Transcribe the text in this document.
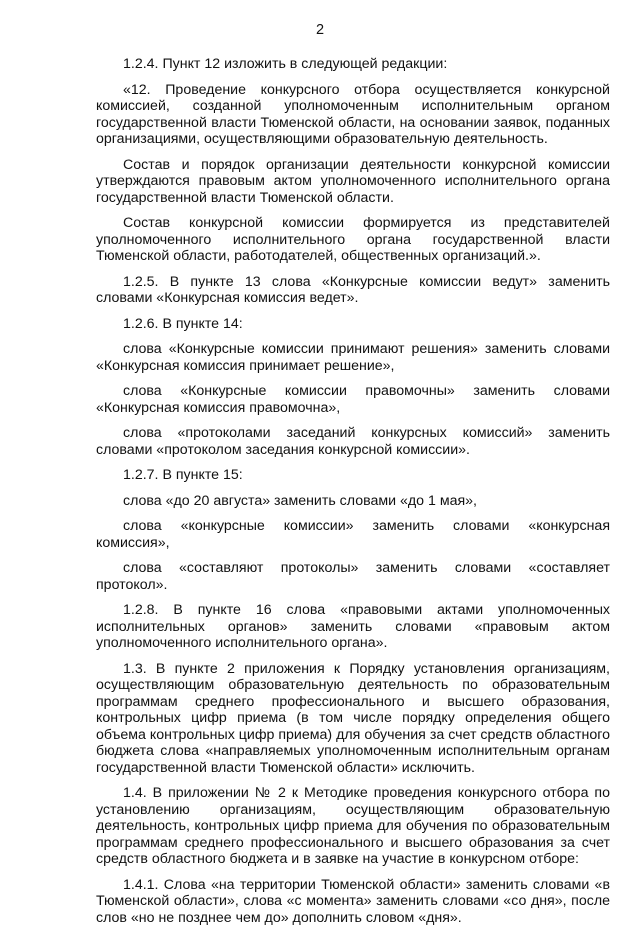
2

1.2.4. Пункт 12 изложить в следующей редакции:

«12. Проведение конкурсного отбора осуществляется конкурсной комиссией, созданной уполномоченным исполнительным органом государственной власти Тюменской области, на основании заявок, поданных организациями, осуществляющими образовательную деятельность.

Состав и порядок организации деятельности конкурсной комиссии утверждаются правовым актом уполномоченного исполнительного органа государственной власти Тюменской области.

Состав конкурсной комиссии формируется из представителей уполномоченного исполнительного органа государственной власти Тюменской области, работодателей, общественных организаций.».

1.2.5. В пункте 13 слова «Конкурсные комиссии ведут» заменить словами «Конкурсная комиссия ведет».

1.2.6. В пункте 14:

слова «Конкурсные комиссии принимают решения» заменить словами «Конкурсная комиссия принимает решение»,

слова «Конкурсные комиссии правомочны» заменить словами «Конкурсная комиссия правомочна»,

слова «протоколами заседаний конкурсных комиссий» заменить словами «протоколом заседания конкурсной комиссии».

1.2.7. В пункте 15:

слова «до 20 августа» заменить словами «до 1 мая»,

слова «конкурсные комиссии» заменить словами «конкурсная комиссия»,

слова «составляют протоколы» заменить словами «составляет протокол».

1.2.8. В пункте 16 слова «правовыми актами уполномоченных исполнительных органов» заменить словами «правовым актом уполномоченного исполнительного органа».

1.3. В пункте 2 приложения к Порядку установления организациям, осуществляющим образовательную деятельность по образовательным программам среднего профессионального и высшего образования, контрольных цифр приема (в том числе порядку определения общего объема контрольных цифр приема) для обучения за счет средств областного бюджета слова «направляемых уполномоченным исполнительным органам государственной власти Тюменской области» исключить.

1.4. В приложении № 2 к Методике проведения конкурсного отбора по установлению организациям, осуществляющим образовательную деятельность, контрольных цифр приема для обучения по образовательным программам среднего профессионального и высшего образования за счет средств областного бюджета и в заявке на участие в конкурсном отборе:

1.4.1. Слова «на территории Тюменской области» заменить словами «в Тюменской области», слова «с момента» заменить словами «со дня», после слов «но не позднее чем до» дополнить словом «дня».
